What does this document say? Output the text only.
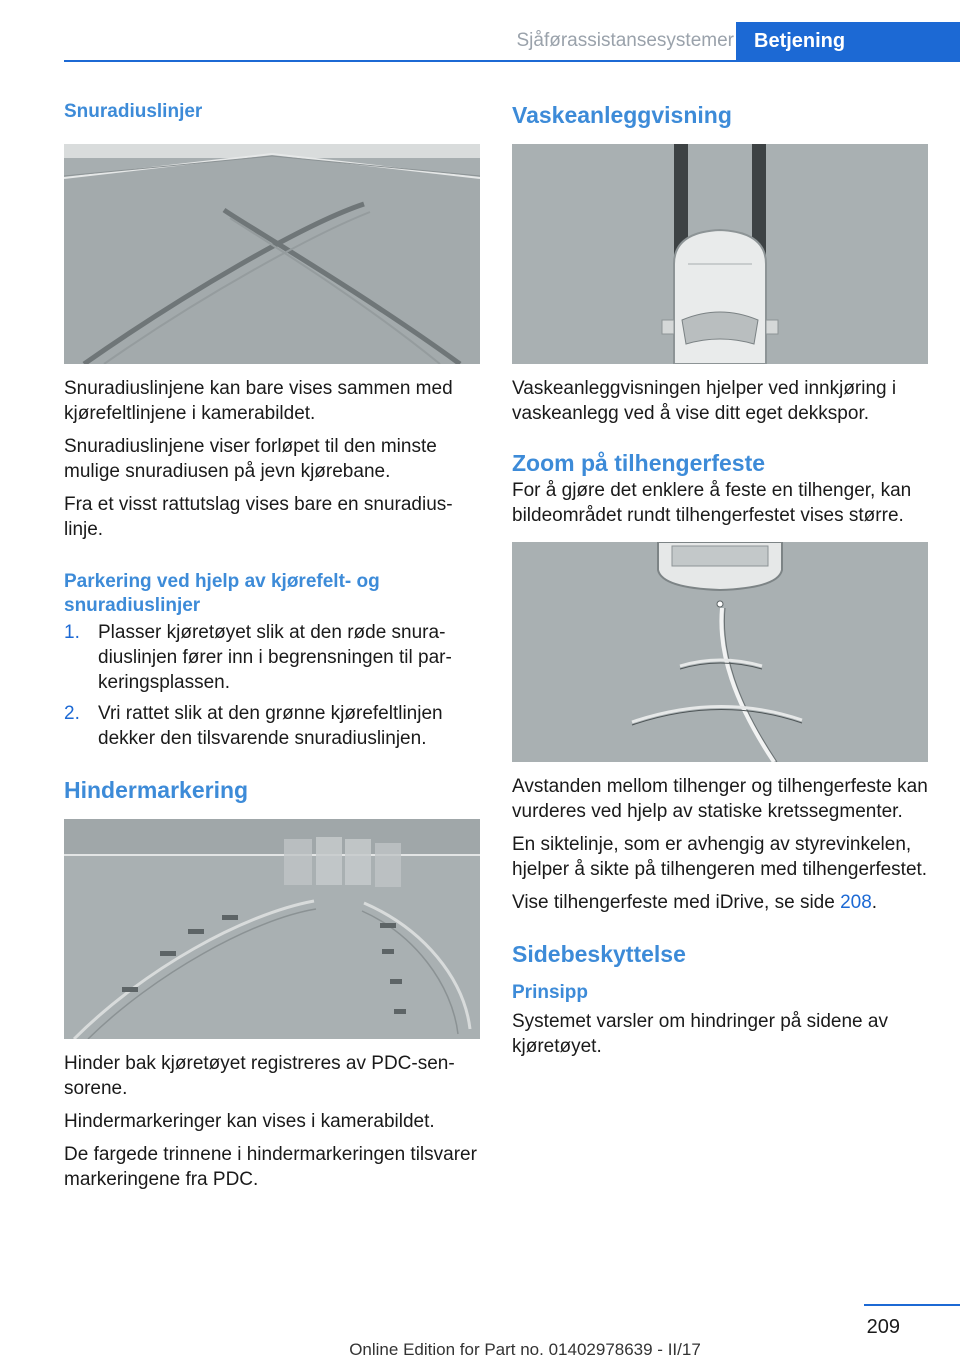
Sjåførassistansesystemer	Betjening
Snuradiuslinjer
Snuradiuslinjene kan bare vises sammen med kjørefeltlinjene i kamerabildet.
Snuradiuslinjene viser forløpet til den minste mulige snuradiusen på jevn kjørebane.
Fra et visst rattutslag vises bare en snuradiuslinje.
Parkering ved hjelp av kjørefelt- og snuradiuslinjer
1. Plasser kjøretøyet slik at den røde snuradiuslinjen fører inn i begrensningen til parkeringsplassen.
2. Vri rattet slik at den grønne kjørefeltlinjen dekker den tilsvarende snuradiuslinjen.
Hindermarkering
Hinder bak kjøretøyet registreres av PDC-sensorene.
Hindermarkeringer kan vises i kamerabildet.
De fargede trinnene i hindermarkeringen tilsvarer markeringene fra PDC.
Vaskeanleggvisning
Vaskeanleggvisningen hjelper ved innkjøring i vaskeanlegg ved å vise ditt eget dekkspor.
Zoom på tilhengerfeste
For å gjøre det enklere å feste en tilhenger, kan bildeområdet rundt tilhengerfestet vises større.
Avstanden mellom tilhenger og tilhengerfeste kan vurderes ved hjelp av statiske kretssegmenter.
En siktelinje, som er avhengig av styrevinkelen, hjelper å sikte på tilhengeren med tilhengerfestet.
Vise tilhengerfeste med iDrive, se side 208.
Sidebeskyttelse
Prinsipp
Systemet varsler om hindringer på sidene av kjøretøyet.
209
Online Edition for Part no. 01402978639 - II/17
